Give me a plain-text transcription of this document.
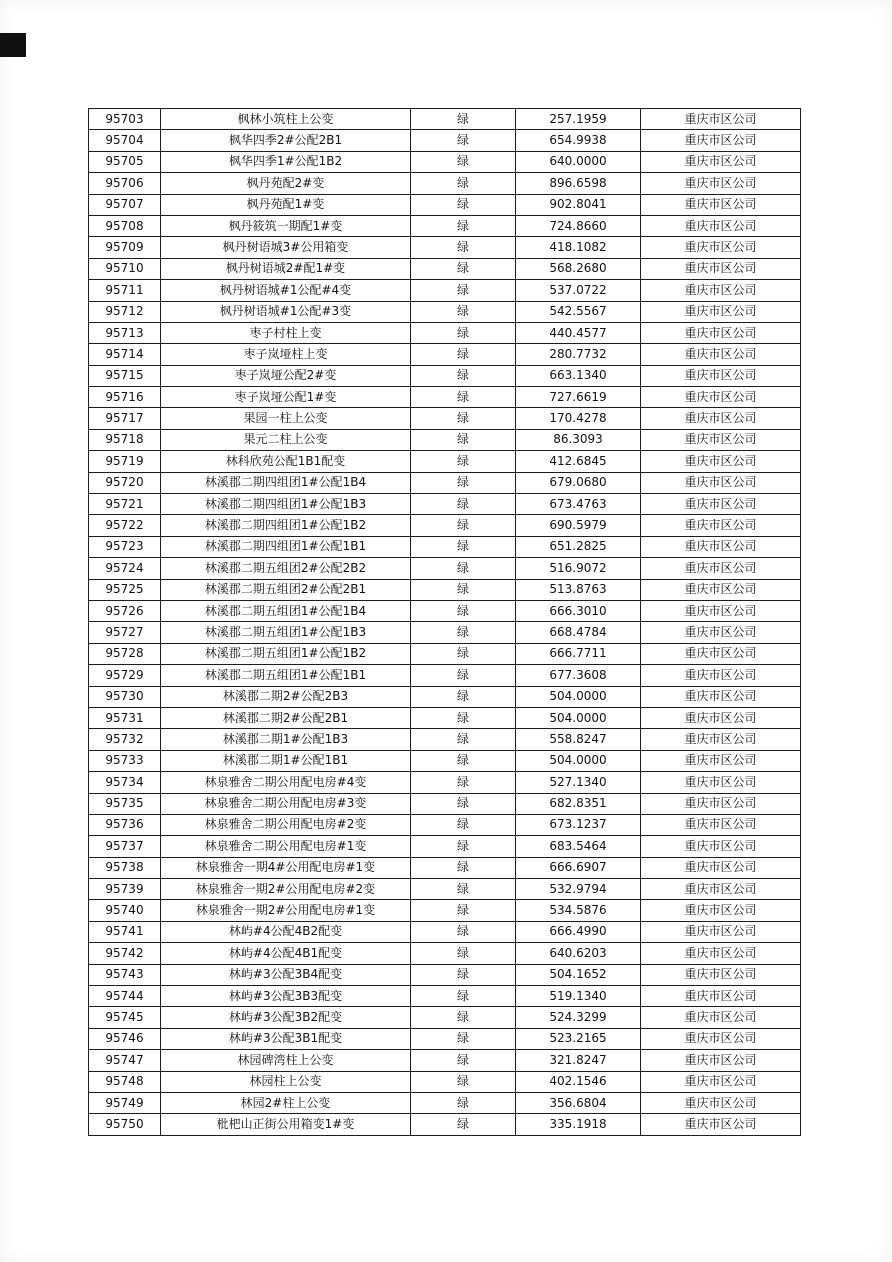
95703	枫林小筑柱上公变	绿	257.1959	重庆市区公司
95704	枫华四季2#公配2B1	绿	654.9938	重庆市区公司
95705	枫华四季1#公配1B2	绿	640.0000	重庆市区公司
95706	枫丹苑配2#变	绿	896.6598	重庆市区公司
95707	枫丹苑配1#变	绿	902.8041	重庆市区公司
95708	枫丹筱筑一期配1#变	绿	724.8660	重庆市区公司
95709	枫丹树语城3#公用箱变	绿	418.1082	重庆市区公司
95710	枫丹树语城2#配1#变	绿	568.2680	重庆市区公司
95711	枫丹树语城#1公配#4变	绿	537.0722	重庆市区公司
95712	枫丹树语城#1公配#3变	绿	542.5567	重庆市区公司
95713	枣子村柱上变	绿	440.4577	重庆市区公司
95714	枣子岚垭柱上变	绿	280.7732	重庆市区公司
95715	枣子岚垭公配2#变	绿	663.1340	重庆市区公司
95716	枣子岚垭公配1#变	绿	727.6619	重庆市区公司
95717	果园一柱上公变	绿	170.4278	重庆市区公司
95718	果元二柱上公变	绿	86.3093	重庆市区公司
95719	林科欣苑公配1B1配变	绿	412.6845	重庆市区公司
95720	林溪郡二期四组团1#公配1B4	绿	679.0680	重庆市区公司
95721	林溪郡二期四组团1#公配1B3	绿	673.4763	重庆市区公司
95722	林溪郡二期四组团1#公配1B2	绿	690.5979	重庆市区公司
95723	林溪郡二期四组团1#公配1B1	绿	651.2825	重庆市区公司
95724	林溪郡二期五组团2#公配2B2	绿	516.9072	重庆市区公司
95725	林溪郡二期五组团2#公配2B1	绿	513.8763	重庆市区公司
95726	林溪郡二期五组团1#公配1B4	绿	666.3010	重庆市区公司
95727	林溪郡二期五组团1#公配1B3	绿	668.4784	重庆市区公司
95728	林溪郡二期五组团1#公配1B2	绿	666.7711	重庆市区公司
95729	林溪郡二期五组团1#公配1B1	绿	677.3608	重庆市区公司
95730	林溪郡二期2#公配2B3	绿	504.0000	重庆市区公司
95731	林溪郡二期2#公配2B1	绿	504.0000	重庆市区公司
95732	林溪郡二期1#公配1B3	绿	558.8247	重庆市区公司
95733	林溪郡二期1#公配1B1	绿	504.0000	重庆市区公司
95734	林泉雅舍二期公用配电房#4变	绿	527.1340	重庆市区公司
95735	林泉雅舍二期公用配电房#3变	绿	682.8351	重庆市区公司
95736	林泉雅舍二期公用配电房#2变	绿	673.1237	重庆市区公司
95737	林泉雅舍二期公用配电房#1变	绿	683.5464	重庆市区公司
95738	林泉雅舍一期4#公用配电房#1变	绿	666.6907	重庆市区公司
95739	林泉雅舍一期2#公用配电房#2变	绿	532.9794	重庆市区公司
95740	林泉雅舍一期2#公用配电房#1变	绿	534.5876	重庆市区公司
95741	林屿#4公配4B2配变	绿	666.4990	重庆市区公司
95742	林屿#4公配4B1配变	绿	640.6203	重庆市区公司
95743	林屿#3公配3B4配变	绿	504.1652	重庆市区公司
95744	林屿#3公配3B3配变	绿	519.1340	重庆市区公司
95745	林屿#3公配3B2配变	绿	524.3299	重庆市区公司
95746	林屿#3公配3B1配变	绿	523.2165	重庆市区公司
95747	林园碑湾柱上公变	绿	321.8247	重庆市区公司
95748	林园柱上公变	绿	402.1546	重庆市区公司
95749	林园2#柱上公变	绿	356.6804	重庆市区公司
95750	枇杷山正街公用箱变1#变	绿	335.1918	重庆市区公司
